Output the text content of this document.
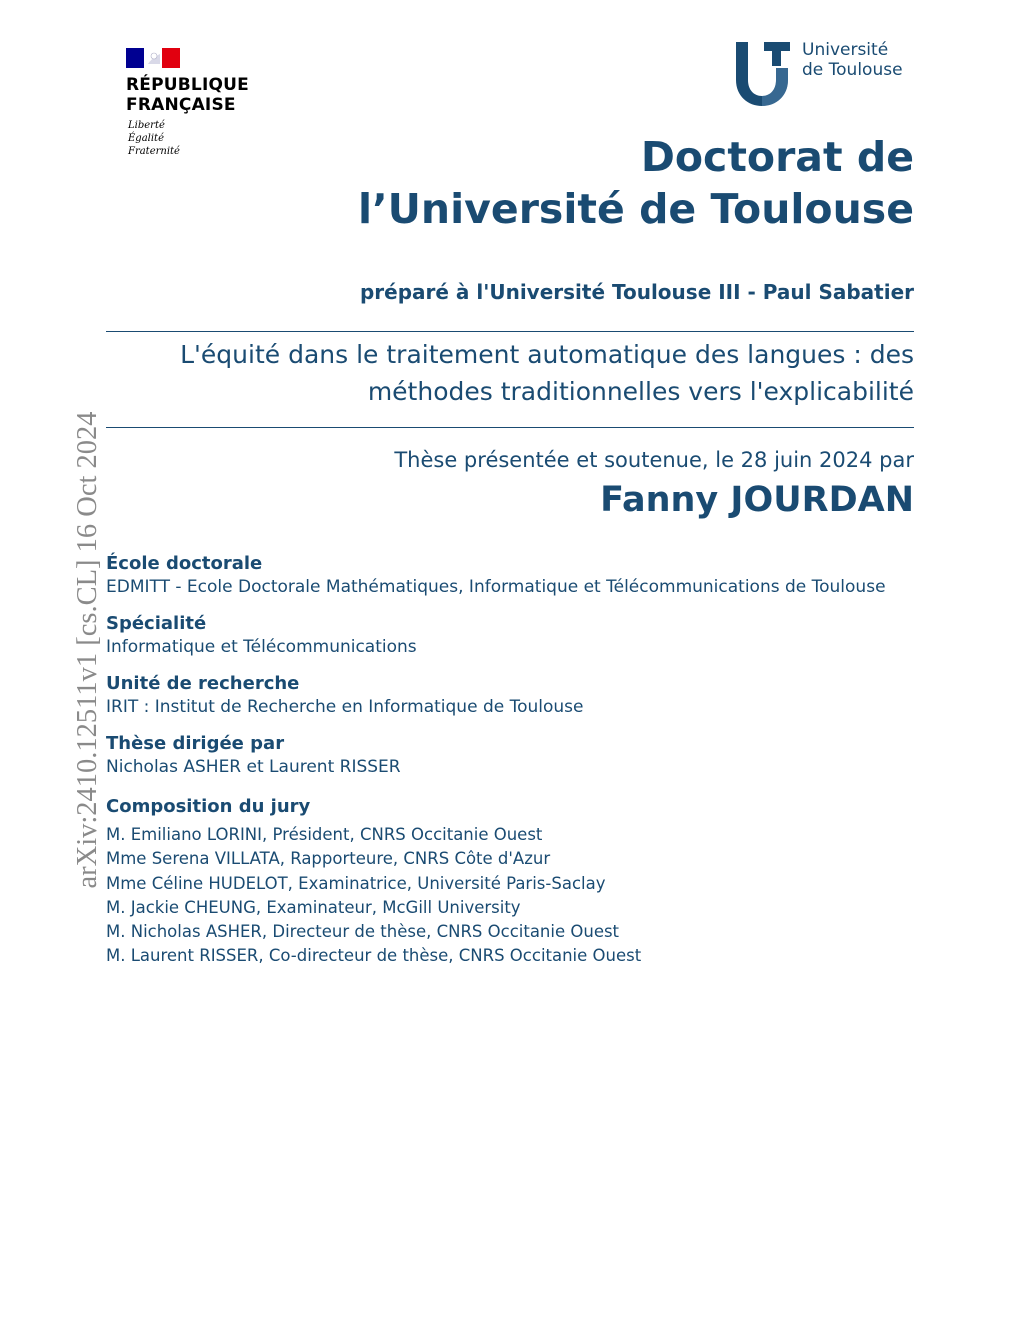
RÉPUBLIQUE
FRANÇAISE
Liberté
Égalité
Fraternité
Université
de Toulouse
Doctorat de
l’Université de Toulouse
préparé à l'Université Toulouse III - Paul Sabatier
L'équité dans le traitement automatique des langues : des
méthodes traditionnelles vers l'explicabilité
Thèse présentée et soutenue, le 28 juin 2024 par
Fanny JOURDAN
École doctorale
EDMITT - Ecole Doctorale Mathématiques, Informatique et Télécommunications de Toulouse
Spécialité
Informatique et Télécommunications
Unité de recherche
IRIT : Institut de Recherche en Informatique de Toulouse
Thèse dirigée par
Nicholas ASHER et Laurent RISSER
Composition du jury
M. Emiliano LORINI, Président, CNRS Occitanie Ouest
Mme Serena VILLATA, Rapporteure, CNRS Côte d'Azur
Mme Céline HUDELOT, Examinatrice, Université Paris-Saclay
M. Jackie CHEUNG, Examinateur, McGill University
M. Nicholas ASHER, Directeur de thèse, CNRS Occitanie Ouest
M. Laurent RISSER, Co-directeur de thèse, CNRS Occitanie Ouest
arXiv:2410.12511v1 [cs.CL] 16 Oct 2024
